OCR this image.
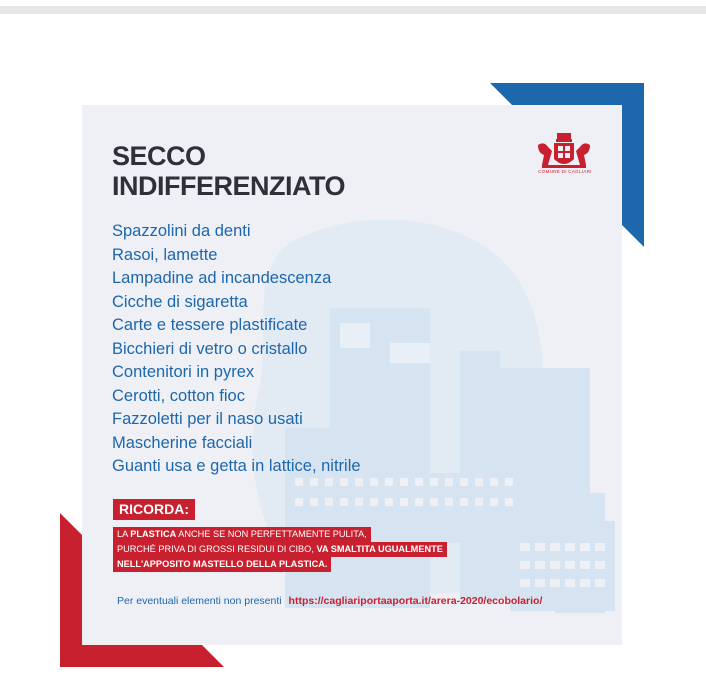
SECCO
INDIFFERENZIATO
Spazzolini da denti
Rasoi, lamette
Lampadine ad incandescenza
Cicche di sigaretta
Carte e tessere plastificate
Bicchieri di vetro o cristallo
Contenitori in pyrex
Cerotti, cotton fioc
Fazzoletti per il naso usati
Mascherine facciali
Guanti usa e getta in lattice, nitrile
COMUNE DI CAGLIARI
RICORDA:
LA PLASTICA ANCHE SE NON PERFETTAMENTE PULITA,
PURCHÉ PRIVA DI GROSSI RESIDUI DI CIBO, VA SMALTITA UGUALMENTE
NELL'APPOSITO MASTELLO DELLA PLASTICA.
Per eventuali elementi non presenti https://cagliariportaaporta.it/arera-2020/ecobolario/
